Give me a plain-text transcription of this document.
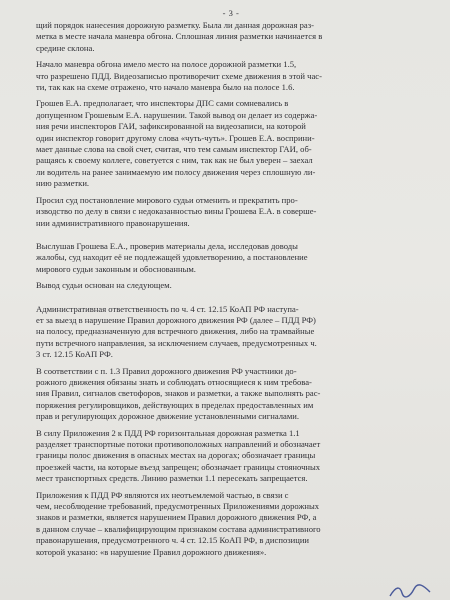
- 3 -

щий порядок нанесения дорожную разметку. Была ли данная дорожная раз-
метка в месте начала маневра обгона. Сплошная линия разметки начинается в
средине склона.

Начало маневра обгона имело место на полосе дорожной разметки 1.5,
что разрешено ПДД. Видеозаписью противоречит схеме движения в этой час-
ти, так как на схеме отражено, что начало маневра было на полосе 1.6.

Грошев Е.А. предполагает, что инспекторы ДПС сами сомневались в
допущенном Грошевым Е.А. нарушении. Такой вывод он делает из содержа-
ния речи инспекторов ГАИ, зафиксированной на видеозаписи, на которой
один инспектор говорит другому слова «чуть-чуть». Грошев Е.А. восприни-
мает данные слова на свой счет, считая, что тем самым инспектор ГАИ, об-
ращаясь к своему коллеге, советуется с ним, так как не был уверен – заехал
ли водитель на ранее занимаемую им полосу движения через сплошную ли-
нию разметки.

Просил суд постановление мирового судьи отменить и прекратить про-
изводство по делу в связи с недоказанностью вины Грошева Е.А. в соверше-
нии административного правонарушения.

Выслушав Грошева Е.А., проверив материалы дела, исследовав доводы
жалобы, суд находит её не подлежащей удовлетворению, а постановление
мирового судьи законным и обоснованным.

Вывод судьи основан на следующем.

Административная ответственность по ч. 4 ст. 12.15 КоАП РФ наступа-
ет за выезд в нарушение Правил дорожного движения РФ (далее – ПДД РФ)
на полосу, предназначенную для встречного движения, либо на трамвайные
пути встречного направления, за исключением случаев, предусмотренных ч.
3 ст. 12.15 КоАП РФ.

В соответствии с п. 1.3 Правил дорожного движения РФ участники до-
рожного движения обязаны знать и соблюдать относящиеся к ним требова-
ния Правил, сигналов светофоров, знаков и разметки, а также выполнять рас-
поряжения регулировщиков, действующих в пределах предоставленных им
прав и регулирующих дорожное движение установленными сигналами.

В силу Приложения 2 к ПДД РФ горизонтальная дорожная разметка 1.1
разделяет транспортные потоки противоположных направлений и обозначает
границы полос движения в опасных местах на дорогах; обозначает границы
проезжей части, на которые въезд запрещен; обозначает границы стояночных
мест транспортных средств. Линию разметки 1.1 пересекать запрещается.

Приложения к ПДД РФ являются их неотъемлемой частью, в связи с
чем, несоблюдение требований, предусмотренных Приложениями дорожных
знаков и разметки, является нарушением Правил дорожного движения РФ, а
в данном случае – квалифицирующим признаком состава административного
правонарушения, предусмотренного ч. 4 ст. 12.15 КоАП РФ, в диспозиции
которой указано: «в нарушение Правил дорожного движения».
